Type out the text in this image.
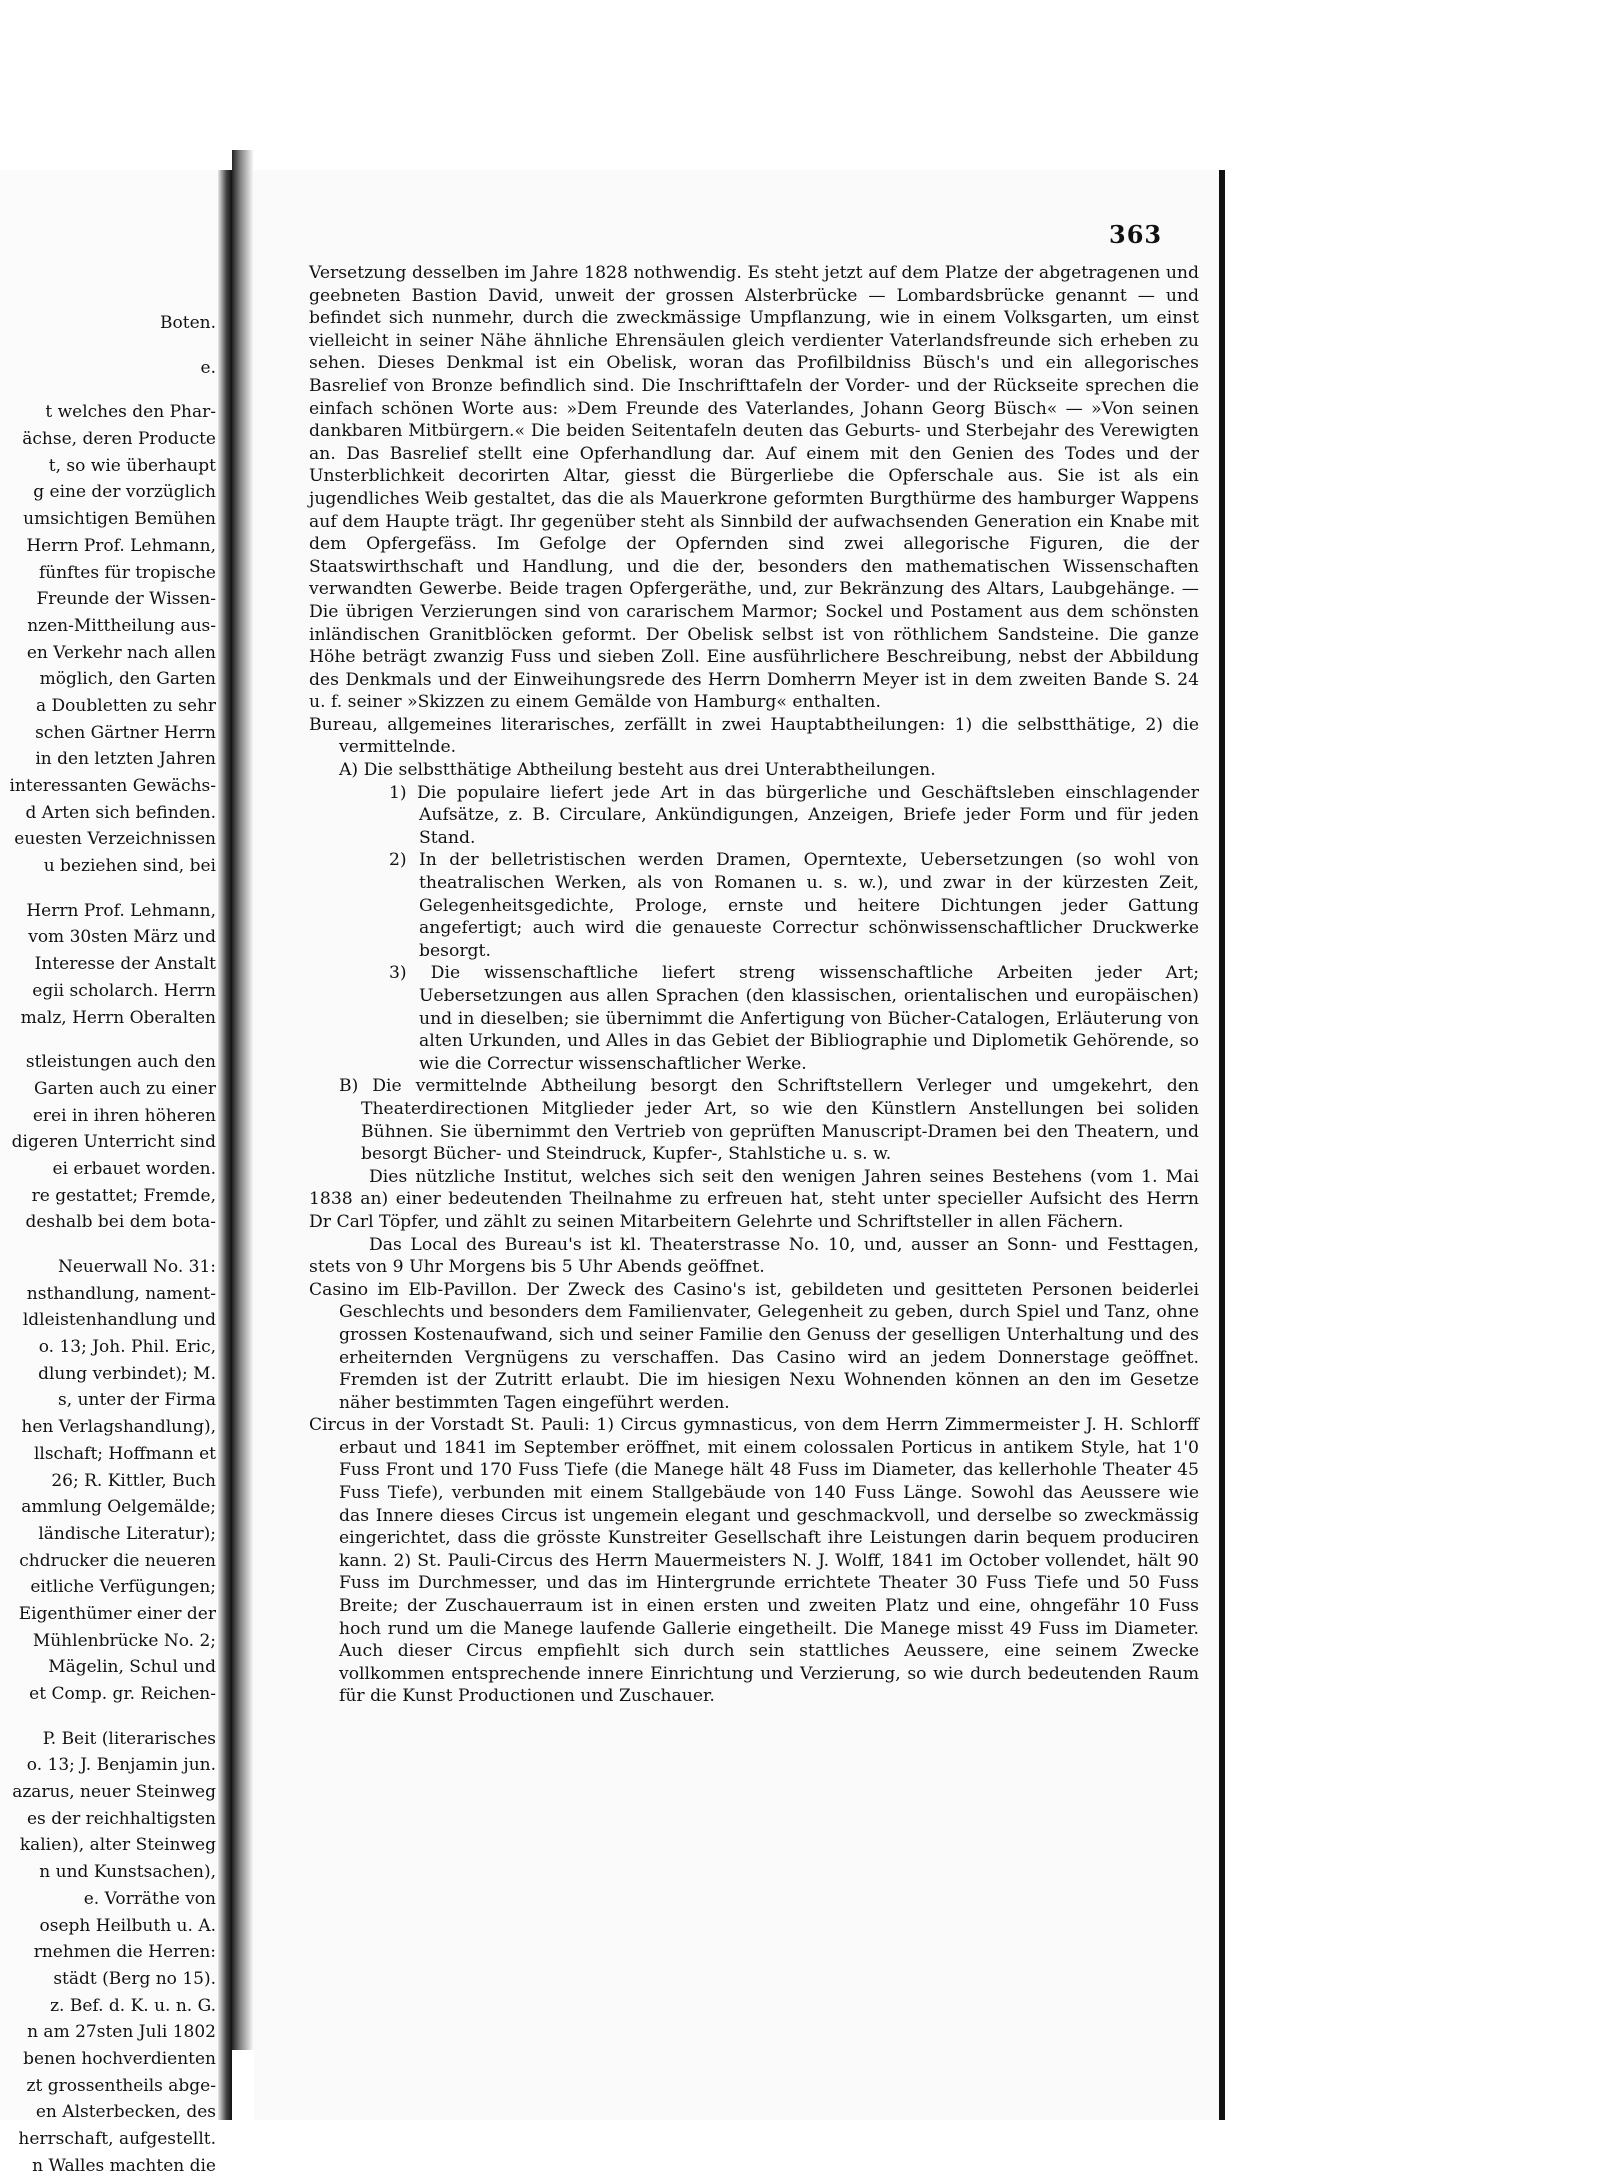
Boten.
e.
t welches den Phar-
ächse, deren Producte
t, so wie überhaupt
g eine der vorzüglich
umsichtigen Bemühen
Herrn Prof. Lehmann,
fünftes für tropische
Freunde der Wissen-
nzen-Mittheilung aus-
en Verkehr nach allen
möglich, den Garten
a Doubletten zu sehr
schen Gärtner Herrn
in den letzten Jahren
interessanten Gewächs-
d Arten sich befinden.
euesten Verzeichnissen
u beziehen sind, bei
Herrn Prof. Lehmann,
vom 30sten März und
Interesse der Anstalt
egii scholarch. Herrn
malz, Herrn Oberalten
stleistungen auch den
Garten auch zu einer
erei in ihren höheren
digeren Unterricht sind
ei erbauet worden.
re gestattet; Fremde,
deshalb bei dem bota-
Neuerwall No. 31:
nsthandlung, nament-
ldleistenhandlung und
o. 13; Joh. Phil. Eric,
dlung verbindet); M.
s, unter der Firma
hen Verlagshandlung),
llschaft; Hoffmann et
26; R. Kittler, Buch
ammlung Oelgemälde;
ländische Literatur);
chdrucker die neueren
eitliche Verfügungen;
Eigenthümer einer der
Mühlenbrücke No. 2;
Mägelin, Schul und
et Comp. gr. Reichen-
P. Beit (literarisches
o. 13; J. Benjamin jun.
azarus, neuer Steinweg
es der reichhaltigsten
kalien), alter Steinweg
n und Kunstsachen),
e. Vorräthe von
oseph Heilbuth u. A.
rnehmen die Herren:
städt (Berg no 15).
z. Bef. d. K. u. n. G.
n am 27sten Juli 1802
benen hochverdienten
zt grossentheils abge-
en Alsterbecken, des
herrschaft, aufgestellt.
n Walles machten die
363

Versetzung desselben im Jahre 1828 nothwendig. Es steht jetzt auf dem Platze der abgetragenen und geebneten Bastion David, unweit der grossen Alsterbrücke — Lombardsbrücke genannt — und befindet sich nunmehr, durch die zweckmässige Umpflanzung, wie in einem Volksgarten, um einst vielleicht in seiner Nähe ähnliche Ehrensäulen gleich verdienter Vaterlandsfreunde sich erheben zu sehen. Dieses Denkmal ist ein Obelisk, woran das Profilbildniss Büsch's und ein allegorisches Basrelief von Bronze befindlich sind. Die Inschrifttafeln der Vorder- und der Rückseite sprechen die einfach schönen Worte aus: »Dem Freunde des Vaterlandes, Johann Georg Büsch« — »Von seinen dankbaren Mitbürgern.« Die beiden Seitentafeln deuten das Geburts- und Sterbejahr des Verewigten an. Das Basrelief stellt eine Opferhandlung dar. Auf einem mit den Genien des Todes und der Unsterblichkeit decorirten Altar, giesst die Bürgerliebe die Opferschale aus. Sie ist als ein jugendliches Weib gestaltet, das die als Mauerkrone geformten Burgthürme des hamburger Wappens auf dem Haupte trägt. Ihr gegenüber steht als Sinnbild der aufwachsenden Generation ein Knabe mit dem Opfergefäss. Im Gefolge der Opfernden sind zwei allegorische Figuren, die der Staatswirthschaft und Handlung, und die der, besonders den mathematischen Wissenschaften verwandten Gewerbe. Beide tragen Opfergeräthe, und, zur Bekränzung des Altars, Laubgehänge. — Die übrigen Verzierungen sind von cararischem Marmor; Sockel und Postament aus dem schönsten inländischen Granitblöcken geformt. Der Obelisk selbst ist von röthlichem Sandsteine. Die ganze Höhe beträgt zwanzig Fuss und sieben Zoll. Eine ausführlichere Beschreibung, nebst der Abbildung des Denkmals und der Einweihungsrede des Herrn Domherrn Meyer ist in dem zweiten Bande S. 24 u. f. seiner »Skizzen zu einem Gemälde von Hamburg« enthalten.

Bureau, allgemeines literarisches, zerfällt in zwei Hauptabtheilungen: 1) die selbstthätige, 2) die vermittelnde.

A) Die selbstthätige Abtheilung besteht aus drei Unterabtheilungen.

1) Die populaire liefert jede Art in das bürgerliche und Geschäftsleben einschlagender Aufsätze, z. B. Circulare, Ankündigungen, Anzeigen, Briefe jeder Form und für jeden Stand.

2) In der belletristischen werden Dramen, Operntexte, Uebersetzungen (so wohl von theatralischen Werken, als von Romanen u. s. w.), und zwar in der kürzesten Zeit, Gelegenheitsgedichte, Prologe, ernste und heitere Dichtungen jeder Gattung angefertigt; auch wird die genaueste Correctur schönwissenschaftlicher Druckwerke besorgt.

3) Die wissenschaftliche liefert streng wissenschaftliche Arbeiten jeder Art; Uebersetzungen aus allen Sprachen (den klassischen, orientalischen und europäischen) und in dieselben; sie übernimmt die Anfertigung von Bücher-Catalogen, Erläuterung von alten Urkunden, und Alles in das Gebiet der Bibliographie und Diplometik Gehörende, so wie die Correctur wissenschaftlicher Werke.

B) Die vermittelnde Abtheilung besorgt den Schriftstellern Verleger und umgekehrt, den Theaterdirectionen Mitglieder jeder Art, so wie den Künstlern Anstellungen bei soliden Bühnen. Sie übernimmt den Vertrieb von geprüften Manuscript-Dramen bei den Theatern, und besorgt Bücher- und Steindruck, Kupfer-, Stahlstiche u. s. w.

Dies nützliche Institut, welches sich seit den wenigen Jahren seines Bestehens (vom 1. Mai 1838 an) einer bedeutenden Theilnahme zu erfreuen hat, steht unter specieller Aufsicht des Herrn Dr Carl Töpfer, und zählt zu seinen Mitarbeitern Gelehrte und Schriftsteller in allen Fächern.

Das Local des Bureau's ist kl. Theaterstrasse No. 10, und, ausser an Sonn- und Festtagen, stets von 9 Uhr Morgens bis 5 Uhr Abends geöffnet.

Casino im Elb-Pavillon. Der Zweck des Casino's ist, gebildeten und gesitteten Personen beiderlei Geschlechts und besonders dem Familienvater, Gelegenheit zu geben, durch Spiel und Tanz, ohne grossen Kostenaufwand, sich und seiner Familie den Genuss der geselligen Unterhaltung und des erheiternden Vergnügens zu verschaffen. Das Casino wird an jedem Donnerstage geöffnet. Fremden ist der Zutritt erlaubt. Die im hiesigen Nexu Wohnenden können an den im Gesetze näher bestimmten Tagen eingeführt werden.

Circus in der Vorstadt St. Pauli: 1) Circus gymnasticus, von dem Herrn Zimmermeister J. H. Schlorff erbaut und 1841 im September eröffnet, mit einem colossalen Porticus in antikem Style, hat 1'0 Fuss Front und 170 Fuss Tiefe (die Manege hält 48 Fuss im Diameter, das kellerhohle Theater 45 Fuss Tiefe), verbunden mit einem Stallgebäude von 140 Fuss Länge. Sowohl das Aeussere wie das Innere dieses Circus ist ungemein elegant und geschmackvoll, und derselbe so zweckmässig eingerichtet, dass die grösste Kunstreiter Gesellschaft ihre Leistungen darin bequem produciren kann. 2) St. Pauli-Circus des Herrn Mauermeisters N. J. Wolff, 1841 im October vollendet, hält 90 Fuss im Durchmesser, und das im Hintergrunde errichtete Theater 30 Fuss Tiefe und 50 Fuss Breite; der Zuschauerraum ist in einen ersten und zweiten Platz und eine, ohngefähr 10 Fuss hoch rund um die Manege laufende Gallerie eingetheilt. Die Manege misst 49 Fuss im Diameter. Auch dieser Circus empfiehlt sich durch sein stattliches Aeussere, eine seinem Zwecke vollkommen entsprechende innere Einrichtung und Verzierung, so wie durch bedeutenden Raum für die Kunst Productionen und Zuschauer.
